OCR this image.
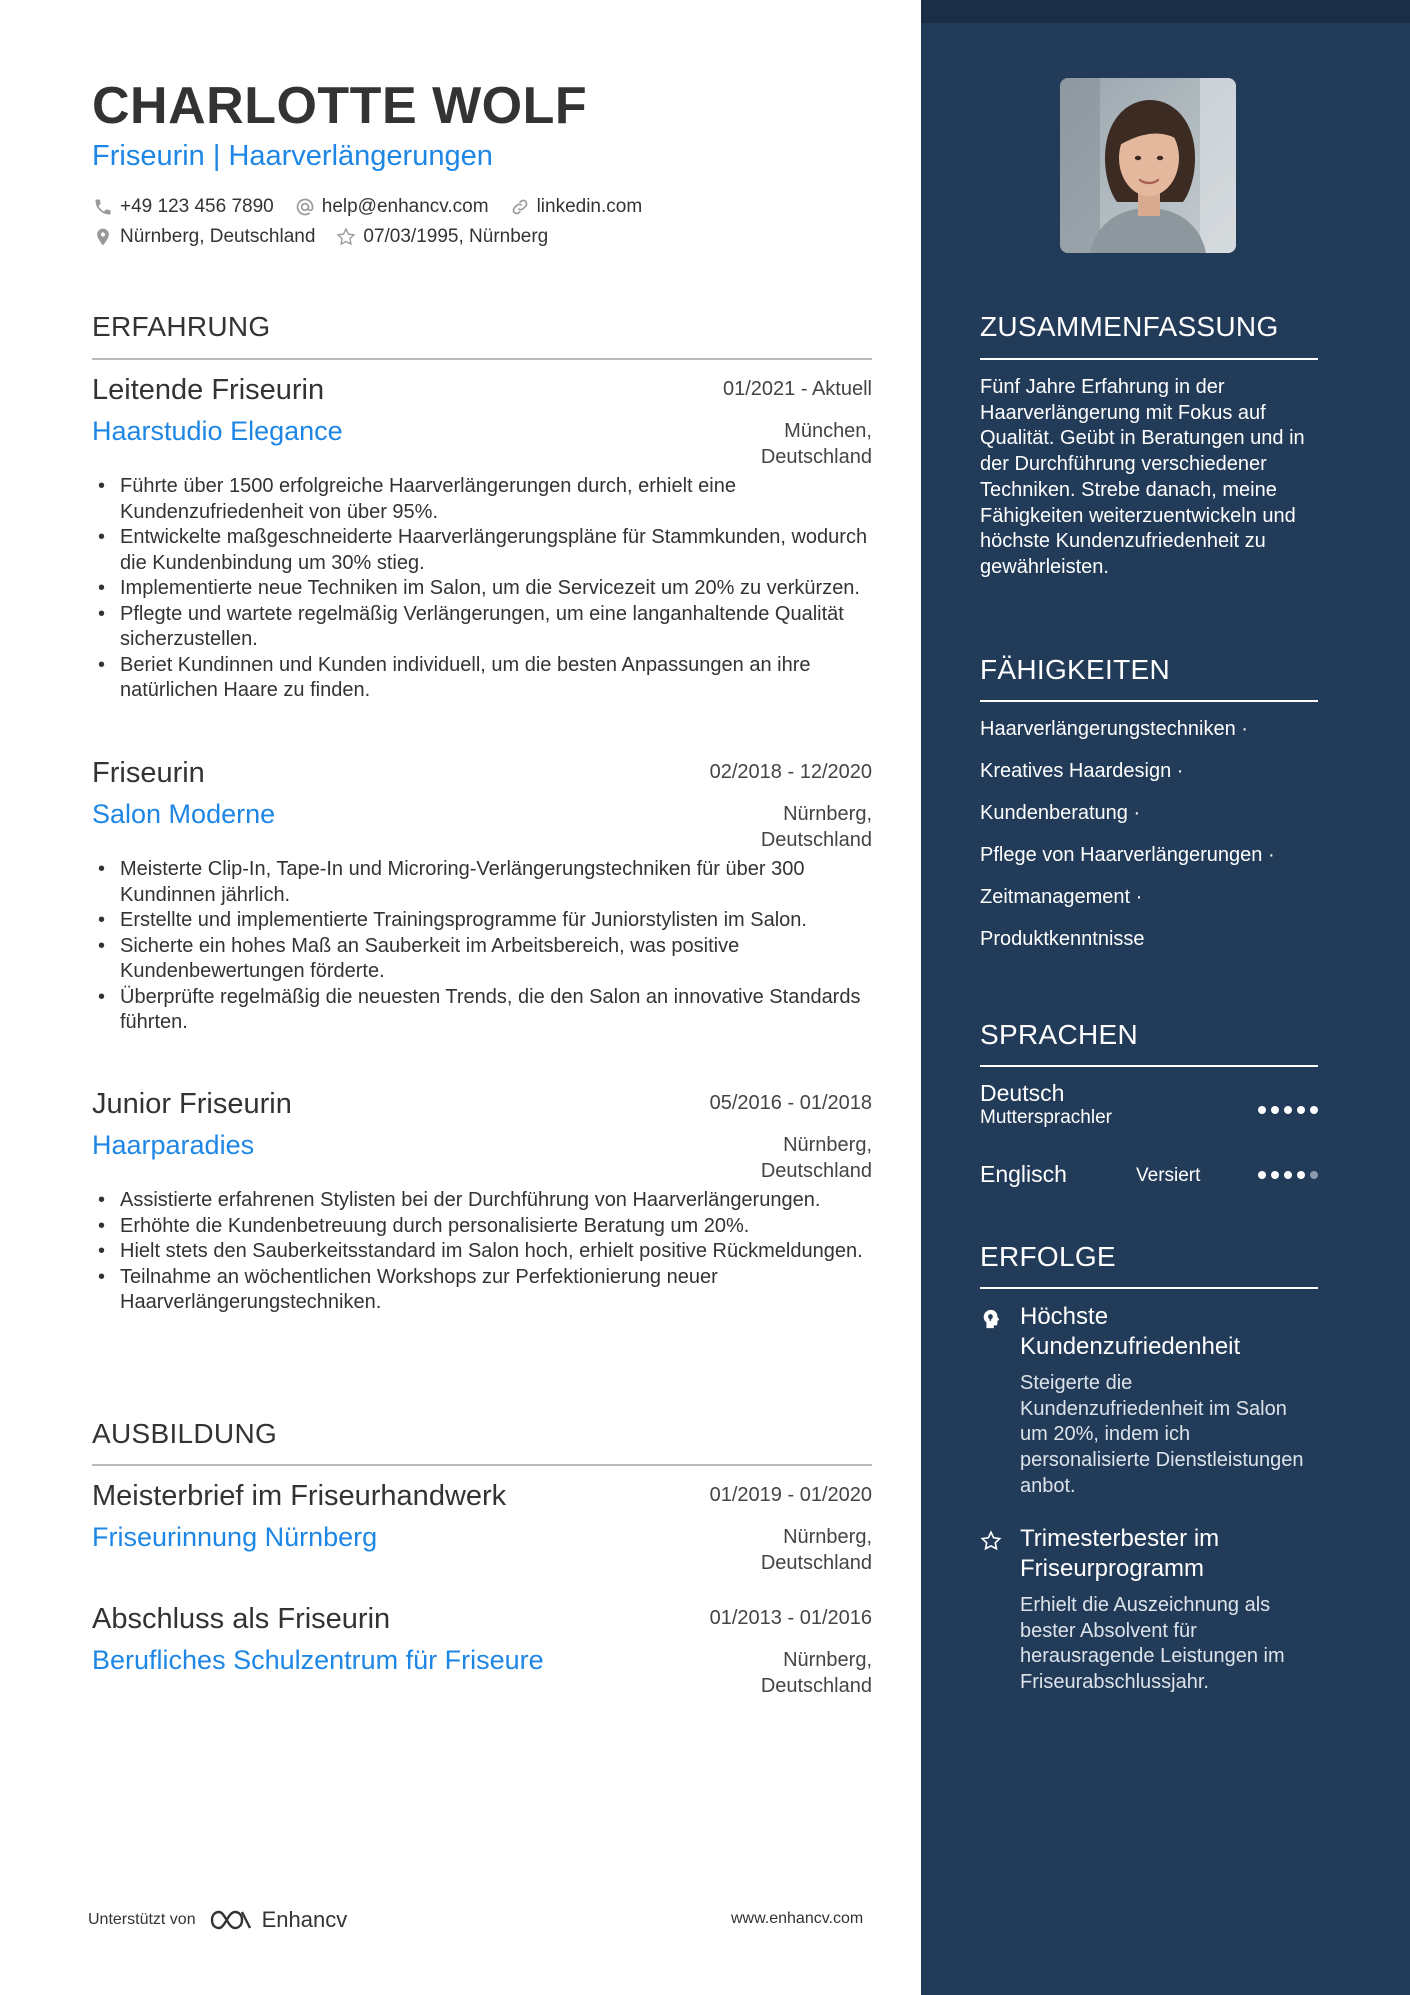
CHARLOTTE WOLF
Friseurin | Haarverlängerungen
+49 123 456 7890	help@enhancv.com	linkedin.com
Nürnberg, Deutschland	07/03/1995, Nürnberg
ERFAHRUNG
Leitende Friseurin	01/2021 - Aktuell
Haarstudio Elegance	München,
Deutschland
• Führte über 1500 erfolgreiche Haarverlängerungen durch, erhielt eine Kundenzufriedenheit von über 95%.
• Entwickelte maßgeschneiderte Haarverlängerungspläne für Stammkunden, wodurch die Kundenbindung um 30% stieg.
• Implementierte neue Techniken im Salon, um die Servicezeit um 20% zu verkürzen.
• Pflegte und wartete regelmäßig Verlängerungen, um eine langanhaltende Qualität sicherzustellen.
• Beriet Kundinnen und Kunden individuell, um die besten Anpassungen an ihre natürlichen Haare zu finden.
Friseurin	02/2018 - 12/2020
Salon Moderne	Nürnberg,
Deutschland
• Meisterte Clip-In, Tape-In und Microring-Verlängerungstechniken für über 300 Kundinnen jährlich.
• Erstellte und implementierte Trainingsprogramme für Juniorstylisten im Salon.
• Sicherte ein hohes Maß an Sauberkeit im Arbeitsbereich, was positive Kundenbewertungen förderte.
• Überprüfte regelmäßig die neuesten Trends, die den Salon an innovative Standards führten.
Junior Friseurin	05/2016 - 01/2018
Haarparadies	Nürnberg,
Deutschland
• Assistierte erfahrenen Stylisten bei der Durchführung von Haarverlängerungen.
• Erhöhte die Kundenbetreuung durch personalisierte Beratung um 20%.
• Hielt stets den Sauberkeitsstandard im Salon hoch, erhielt positive Rückmeldungen.
• Teilnahme an wöchentlichen Workshops zur Perfektionierung neuer Haarverlängerungstechniken.
AUSBILDUNG
Meisterbrief im Friseurhandwerk	01/2019 - 01/2020
Friseurinnung Nürnberg	Nürnberg,
Deutschland
Abschluss als Friseurin	01/2013 - 01/2016
Berufliches Schulzentrum für Friseure	Nürnberg,
Deutschland
Unterstützt von	Enhancv	www.enhancv.com
ZUSAMMENFASSUNG
Fünf Jahre Erfahrung in der Haarverlängerung mit Fokus auf Qualität. Geübt in Beratungen und in der Durchführung verschiedener Techniken. Strebe danach, meine Fähigkeiten weiterzuentwickeln und höchste Kundenzufriedenheit zu gewährleisten.
FÄHIGKEITEN
Haarverlängerungstechniken ·
Kreatives Haardesign ·
Kundenberatung ·
Pflege von Haarverlängerungen ·
Zeitmanagement ·
Produktkenntnisse
SPRACHEN
Deutsch
Muttersprachler
Englisch	Versiert
ERFOLGE
Höchste Kundenzufriedenheit
Steigerte die Kundenzufriedenheit im Salon um 20%, indem ich personalisierte Dienstleistungen anbot.
Trimesterbester im Friseurprogramm
Erhielt die Auszeichnung als bester Absolvent für herausragende Leistungen im Friseurabschlussjahr.
